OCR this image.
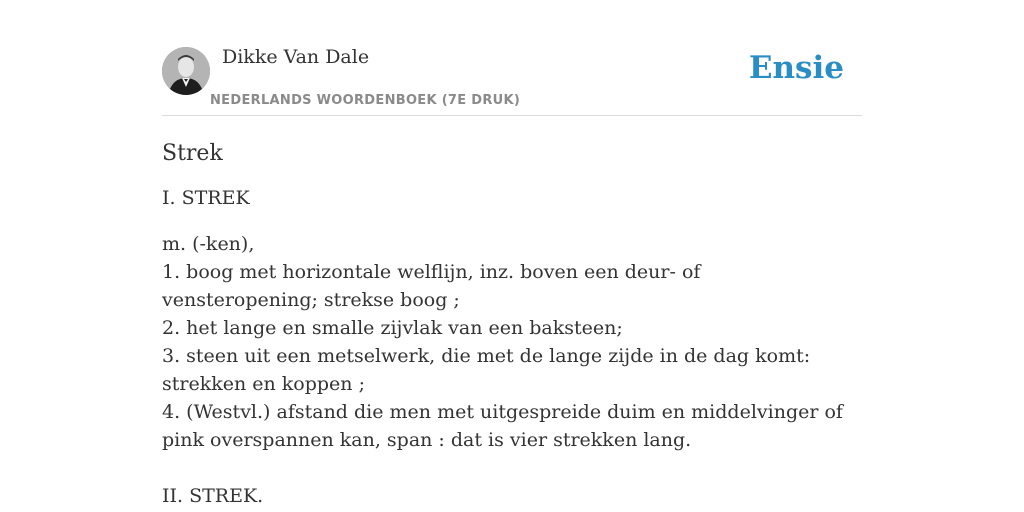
Dikke Van Dale
NEDERLANDS WOORDENBOEK (7E DRUK)
Ensie
Strek
I. STREK
m. (-ken),
1. boog met horizontale welflijn, inz. boven een deur- of vensteropening; strekse boog ;
2. het lange en smalle zijvlak van een baksteen;
3. steen uit een metselwerk, die met de lange zijde in de dag komt: strekken en koppen ;
4. (Westvl.) afstand die men met uitgespreide duim en middelvinger of pink overspannen kan, span : dat is vier strekken lang.
II. STREK.
